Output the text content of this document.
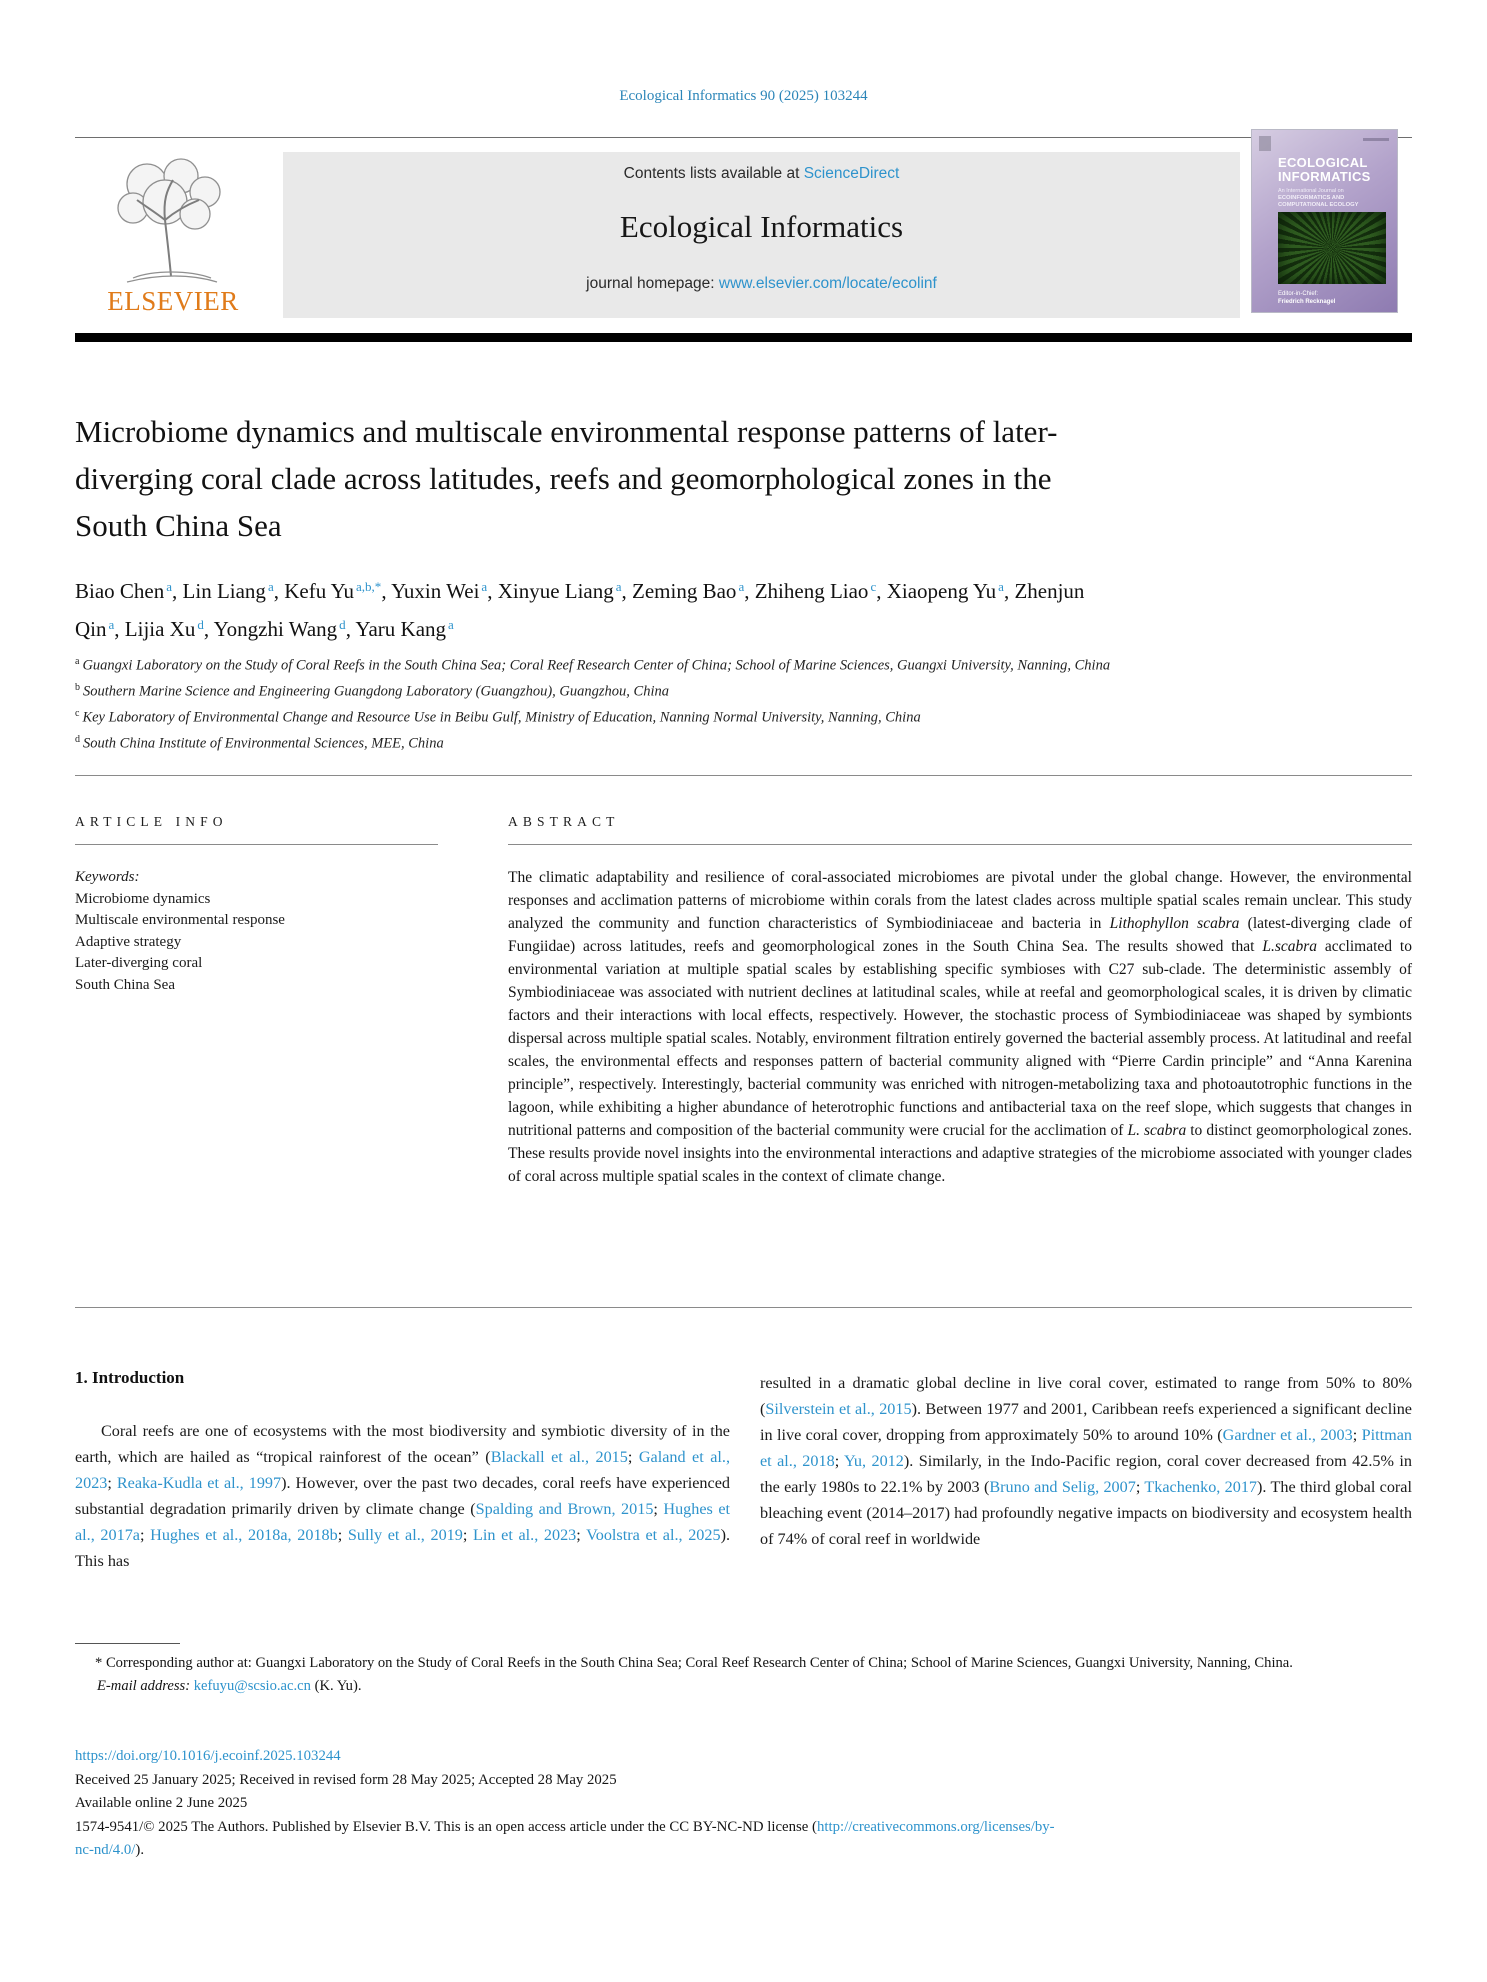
Ecological Informatics 90 (2025) 103244
ELSEVIER
Contents lists available at ScienceDirect
Ecological Informatics
journal homepage: www.elsevier.com/locate/ecolinf
ECOLOGICAL
INFORMATICS
An International Journal on
ECOINFORMATICS AND
COMPUTATIONAL ECOLOGY
Editor-in-Chief:
Friedrich Recknagel
Microbiome dynamics and multiscale environmental response patterns of later-diverging coral clade across latitudes, reefs and geomorphological zones in the South China Sea
Biao Chen $^a$, Lin Liang $^a$, Kefu Yu $^{a,b,*}$, Yuxin Wei $^a$, Xinyue Liang $^a$, Zeming Bao $^a$, Zhiheng Liao $^c$, Xiaopeng Yu $^a$, Zhenjun Qin $^a$, Lijia Xu $^d$, Yongzhi Wang $^d$, Yaru Kang $^a$
$^a$ Guangxi Laboratory on the Study of Coral Reefs in the South China Sea; Coral Reef Research Center of China; School of Marine Sciences, Guangxi University, Nanning, China
$^b$ Southern Marine Science and Engineering Guangdong Laboratory (Guangzhou), Guangzhou, China
$^c$ Key Laboratory of Environmental Change and Resource Use in Beibu Gulf, Ministry of Education, Nanning Normal University, Nanning, China
$^d$ South China Institute of Environmental Sciences, MEE, China
ARTICLE INFO
Keywords:
Microbiome dynamics
Multiscale environmental response
Adaptive strategy
Later-diverging coral
South China Sea
ABSTRACT
The climatic adaptability and resilience of coral-associated microbiomes are pivotal under the global change. However, the environmental responses and acclimation patterns of microbiome within corals from the latest clades across multiple spatial scales remain unclear. This study analyzed the community and function characteristics of Symbiodiniaceae and bacteria in Lithophyllon scabra (latest-diverging clade of Fungiidae) across latitudes, reefs and geomorphological zones in the South China Sea. The results showed that L.scabra acclimated to environmental variation at multiple spatial scales by establishing specific symbioses with C27 sub-clade. The deterministic assembly of Symbiodiniaceae was associated with nutrient declines at latitudinal scales, while at reefal and geomorphological scales, it is driven by climatic factors and their interactions with local effects, respectively. However, the stochastic process of Symbiodiniaceae was shaped by symbionts dispersal across multiple spatial scales. Notably, environment filtration entirely governed the bacterial assembly process. At latitudinal and reefal scales, the environmental effects and responses pattern of bacterial community aligned with “Pierre Cardin principle” and “Anna Karenina principle”, respectively. Interestingly, bacterial community was enriched with nitrogen-metabolizing taxa and photoautotrophic functions in the lagoon, while exhibiting a higher abundance of heterotrophic functions and antibacterial taxa on the reef slope, which suggests that changes in nutritional patterns and composition of the bacterial community were crucial for the acclimation of L. scabra to distinct geomorphological zones. These results provide novel insights into the environmental interactions and adaptive strategies of the microbiome associated with younger clades of coral across multiple spatial scales in the context of climate change.
1. Introduction

Coral reefs are one of ecosystems with the most biodiversity and symbiotic diversity of in the earth, which are hailed as “tropical rainforest of the ocean” (Blackall et al., 2015; Galand et al., 2023; Reaka-Kudla et al., 1997). However, over the past two decades, coral reefs have experienced substantial degradation primarily driven by climate change (Spalding and Brown, 2015; Hughes et al., 2017a; Hughes et al., 2018a, 2018b; Sully et al., 2019; Lin et al., 2023; Voolstra et al., 2025). This has

resulted in a dramatic global decline in live coral cover, estimated to range from 50% to 80% (Silverstein et al., 2015). Between 1977 and 2001, Caribbean reefs experienced a significant decline in live coral cover, dropping from approximately 50% to around 10% (Gardner et al., 2003; Pittman et al., 2018; Yu, 2012). Similarly, in the Indo-Pacific region, coral cover decreased from 42.5% in the early 1980s to 22.1% by 2003 (Bruno and Selig, 2007; Tkachenko, 2017). The third global coral bleaching event (2014–2017) had profoundly negative impacts on biodiversity and ecosystem health of 74% of coral reef in worldwide

* Corresponding author at: Guangxi Laboratory on the Study of Coral Reefs in the South China Sea; Coral Reef Research Center of China; School of Marine Sciences, Guangxi University, Nanning, China.

E-mail address: kefuyu@scsio.ac.cn (K. Yu).

https://doi.org/10.1016/j.ecoinf.2025.103244

Received 25 January 2025; Received in revised form 28 May 2025; Accepted 28 May 2025

Available online 2 June 2025

1574-9541/© 2025 The Authors. Published by Elsevier B.V. This is an open access article under the CC BY-NC-ND license (http://creativecommons.org/licenses/by-
nc-nd/4.0/).
